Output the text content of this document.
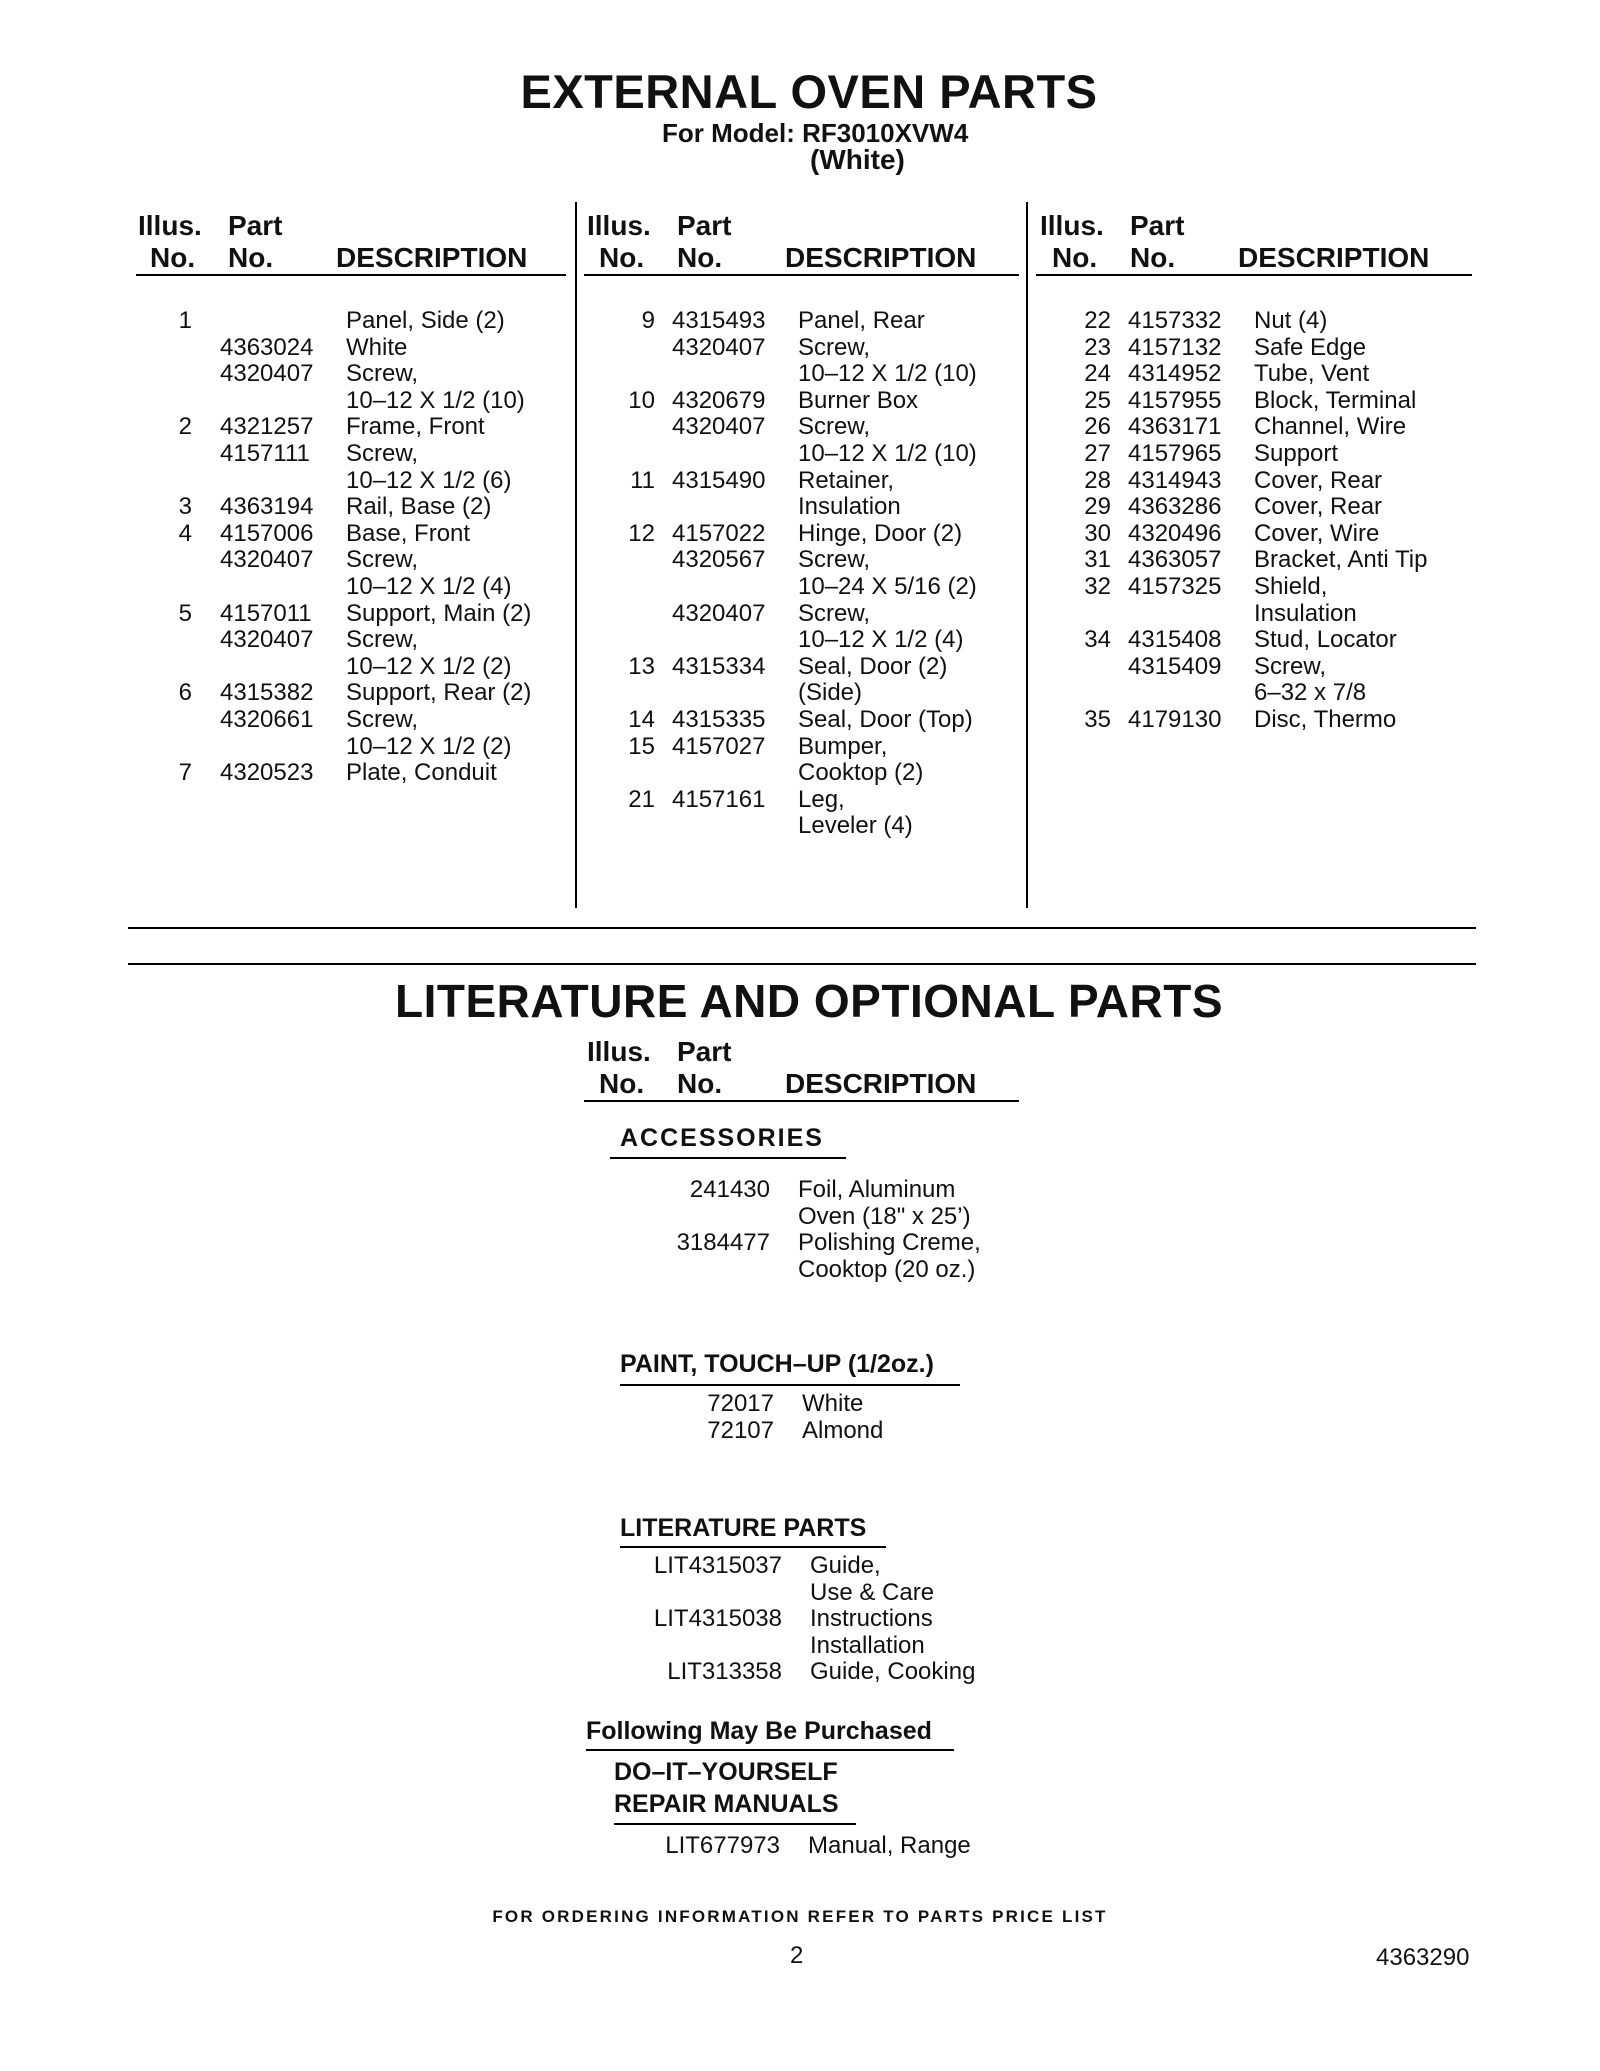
EXTERNAL OVEN PARTS
For Model: RF3010XVW4
(White)
Illus.
No.
Part
No. DESCRIPTION
Illus.
No.
Part
No. DESCRIPTION
Illus.
No.
Part
No. DESCRIPTION
1	Panel, Side (2)
4363024 White
4320407 Screw,
10–12 X 1/2 (10)
2 4321257 Frame, Front
4157111 Screw,
10–12 X 1/2 (6)
3 4363194 Rail, Base (2)
4 4157006 Base, Front
4320407 Screw,
10–12 X 1/2 (4)
5 4157011 Support, Main (2)
4320407 Screw,
10–12 X 1/2 (2)
6 4315382 Support, Rear (2)
4320661 Screw,
10–12 X 1/2 (2)
7 4320523 Plate, Conduit
9 4315493 Panel, Rear
4320407 Screw,
10–12 X 1/2 (10)
10 4320679 Burner Box
4320407 Screw,
10–12 X 1/2 (10)
11 4315490 Retainer,
Insulation
12 4157022 Hinge, Door (2)
4320567 Screw,
10–24 X 5/16 (2)
4320407 Screw,
10–12 X 1/2 (4)
13 4315334 Seal, Door (2)
(Side)
14 4315335 Seal, Door (Top)
15 4157027 Bumper,
Cooktop (2)
21 4157161 Leg,
Leveler (4)
22 4157332 Nut (4)
23 4157132 Safe Edge
24 4314952 Tube, Vent
25 4157955 Block, Terminal
26 4363171 Channel, Wire
27 4157965 Support
28 4314943 Cover, Rear
29 4363286 Cover, Rear
30 4320496 Cover, Wire
31 4363057 Bracket, Anti Tip
32 4157325 Shield,
Insulation
34 4315408 Stud, Locator
4315409 Screw,
6–32 x 7/8
35 4179130 Disc, Thermo
LITERATURE AND OPTIONAL PARTS
Illus.
No.
Part
No. DESCRIPTION
ACCESSORIES
241430 Foil, Aluminum
Oven (18" x 25’)
3184477 Polishing Creme,
Cooktop (20 oz.)
PAINT, TOUCH–UP (1/2oz.)
72017 White
72107 Almond
LITERATURE PARTS
LIT4315037 Guide,
Use & Care
LIT4315038 Instructions
Installation
LIT313358 Guide, Cooking
Following May Be Purchased
DO–IT–YOURSELF
REPAIR MANUALS
LIT677973 Manual, Range
FOR ORDERING INFORMATION REFER TO PARTS PRICE LIST
2	4363290
